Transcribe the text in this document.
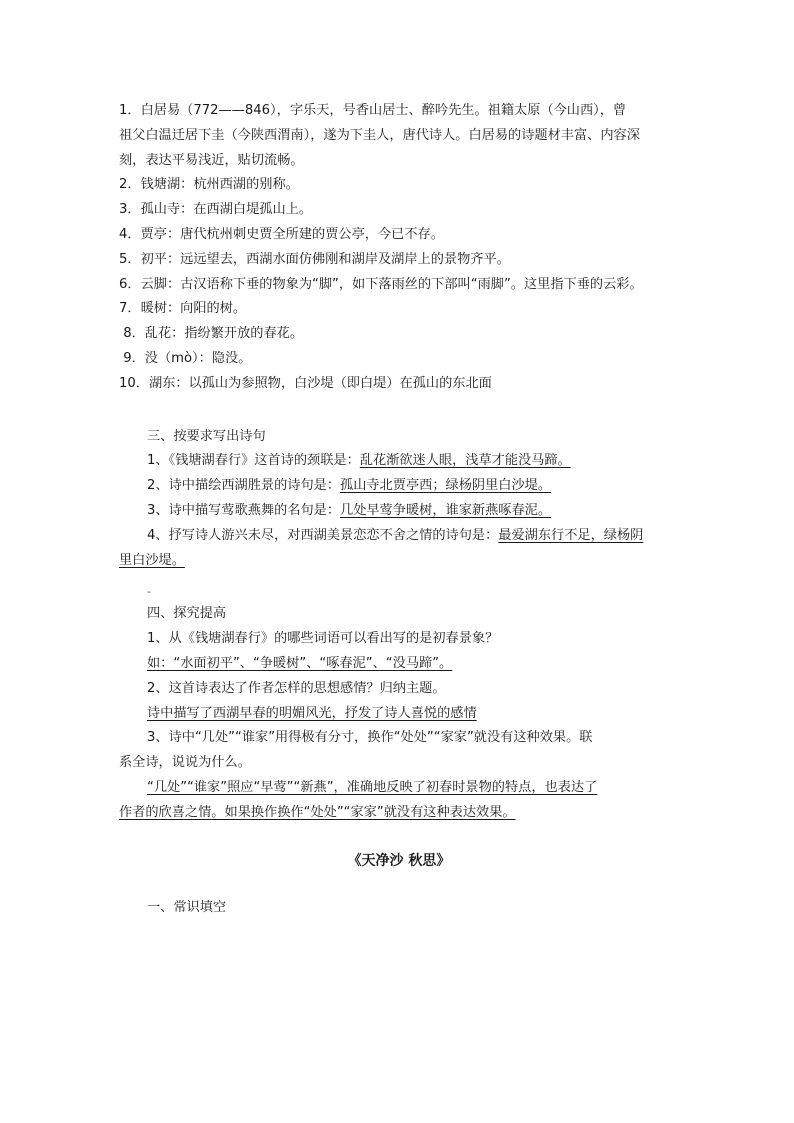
1．白居易（772——846），字乐天，号香山居士、醉吟先生。祖籍太原（今山西），曾
祖父白温迁居下圭（今陕西渭南），遂为下圭人，唐代诗人。白居易的诗题材丰富、内容深
刻，表达平易浅近，贴切流畅。
2．钱塘湖：杭州西湖的别称。
3．孤山寺：在西湖白堤孤山上。
4．贾亭：唐代杭州刺史贾全所建的贾公亭，今已不存。
5．初平：远远望去，西湖水面仿佛刚和湖岸及湖岸上的景物齐平。
6．云脚：古汉语称下垂的物象为“脚”，如下落雨丝的下部叫“雨脚”。这里指下垂的云彩。
7．暖树：向阳的树。
8．乱花：指纷繁开放的春花。
9．没（mò）：隐没。
10．湖东：以孤山为参照物，白沙堤（即白堤）在孤山的东北面
三、按要求写出诗句
1、《钱塘湖春行》这首诗的颈联是：乱花渐欲迷人眼，浅草才能没马蹄。
2、诗中描绘西湖胜景的诗句是：孤山寺北贾亭西；绿杨阴里白沙堤。
3、诗中描写莺歌燕舞的名句是：几处早莺争暖树，谁家新燕啄春泥。
4、抒写诗人游兴未尽，对西湖美景恋恋不舍之情的诗句是：最爱湖东行不足，绿杨阴
里白沙堤。
-
四、探究提高
1、从《钱塘湖春行》的哪些词语可以看出写的是初春景象？
如：“水面初平”、“争暖树”、“啄春泥”、“没马蹄”。
2、这首诗表达了作者怎样的思想感情？归纳主题。
诗中描写了西湖早春的明媚风光，抒发了诗人喜悦的感情
3、诗中“几处”“谁家”用得极有分寸，换作“处处”“家家”就没有这种效果。联
系全诗，说说为什么。
“几处”“谁家”照应“早莺”“新燕”，准确地反映了初春时景物的特点，也表达了
作者的欣喜之情。如果换作换作“处处”“家家”就没有这种表达效果。
《天净沙 秋思》
一、常识填空
